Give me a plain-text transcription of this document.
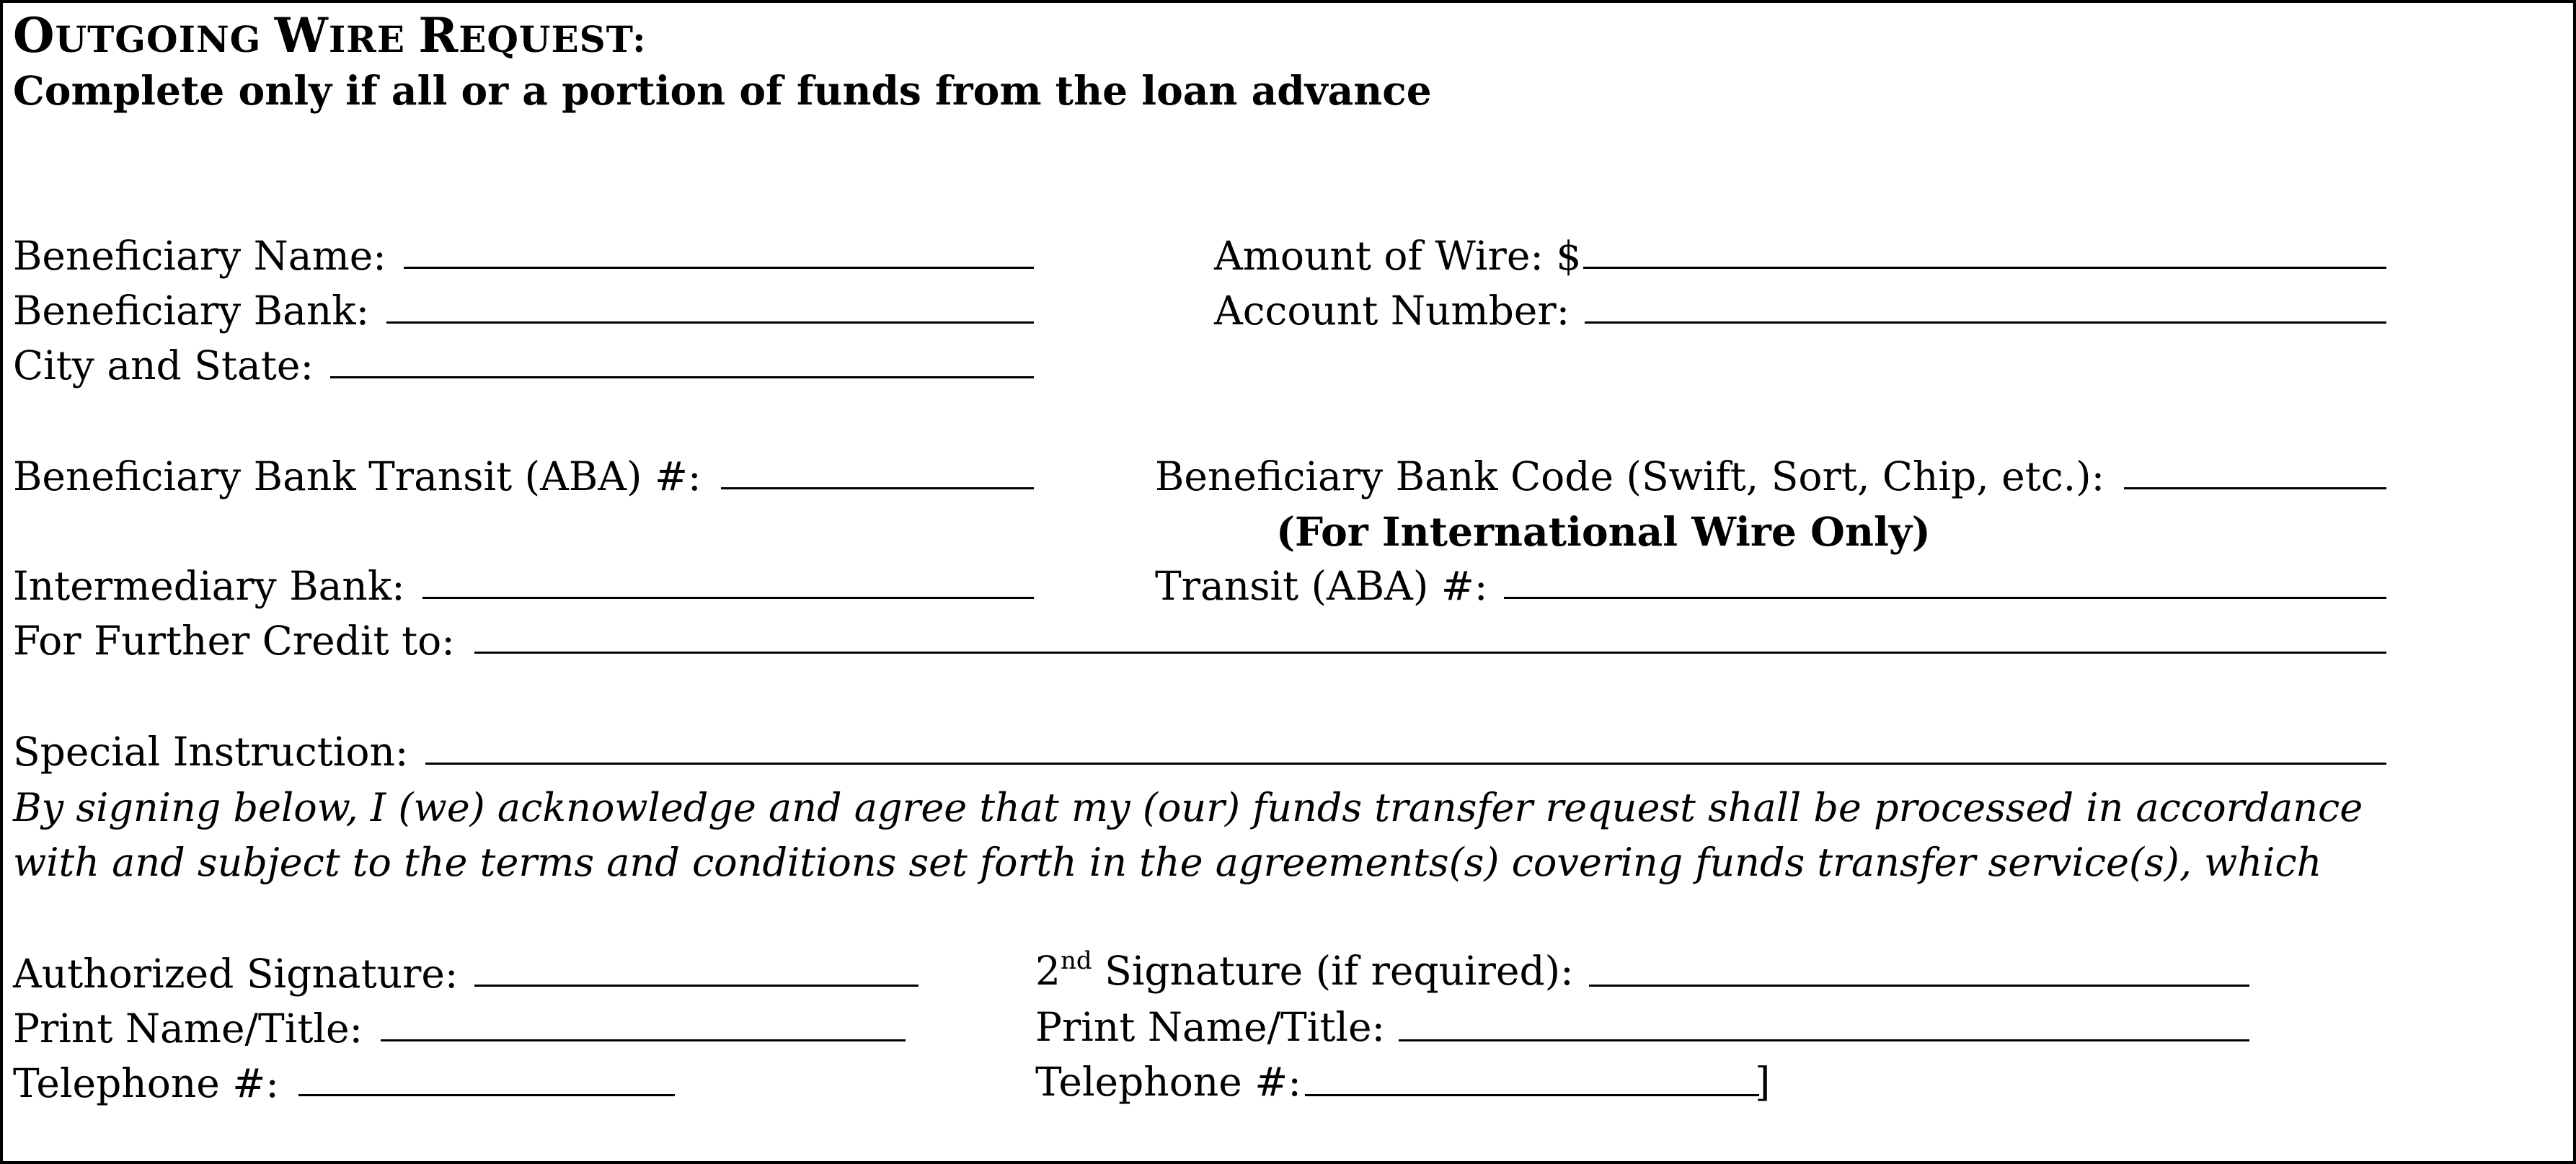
OUTGOING WIRE REQUEST:
Complete only if all or a portion of funds from the loan advance
Beneficiary Name:	Amount of Wire: $
Beneficiary Bank:	Account Number:
City and State:
Beneficiary Bank Transit (ABA) #:	Beneficiary Bank Code (Swift, Sort, Chip, etc.):
(For International Wire Only)
Intermediary Bank:	Transit (ABA) #:
For Further Credit to:
Special Instruction:
By signing below, I (we) acknowledge and agree that my (our) funds transfer request shall be processed in accordance
with and subject to the terms and conditions set forth in the agreements(s) covering funds transfer service(s), which
Authorized Signature:	2nd Signature (if required):
Print Name/Title:	Print Name/Title:
Telephone #:	Telephone #:	]
